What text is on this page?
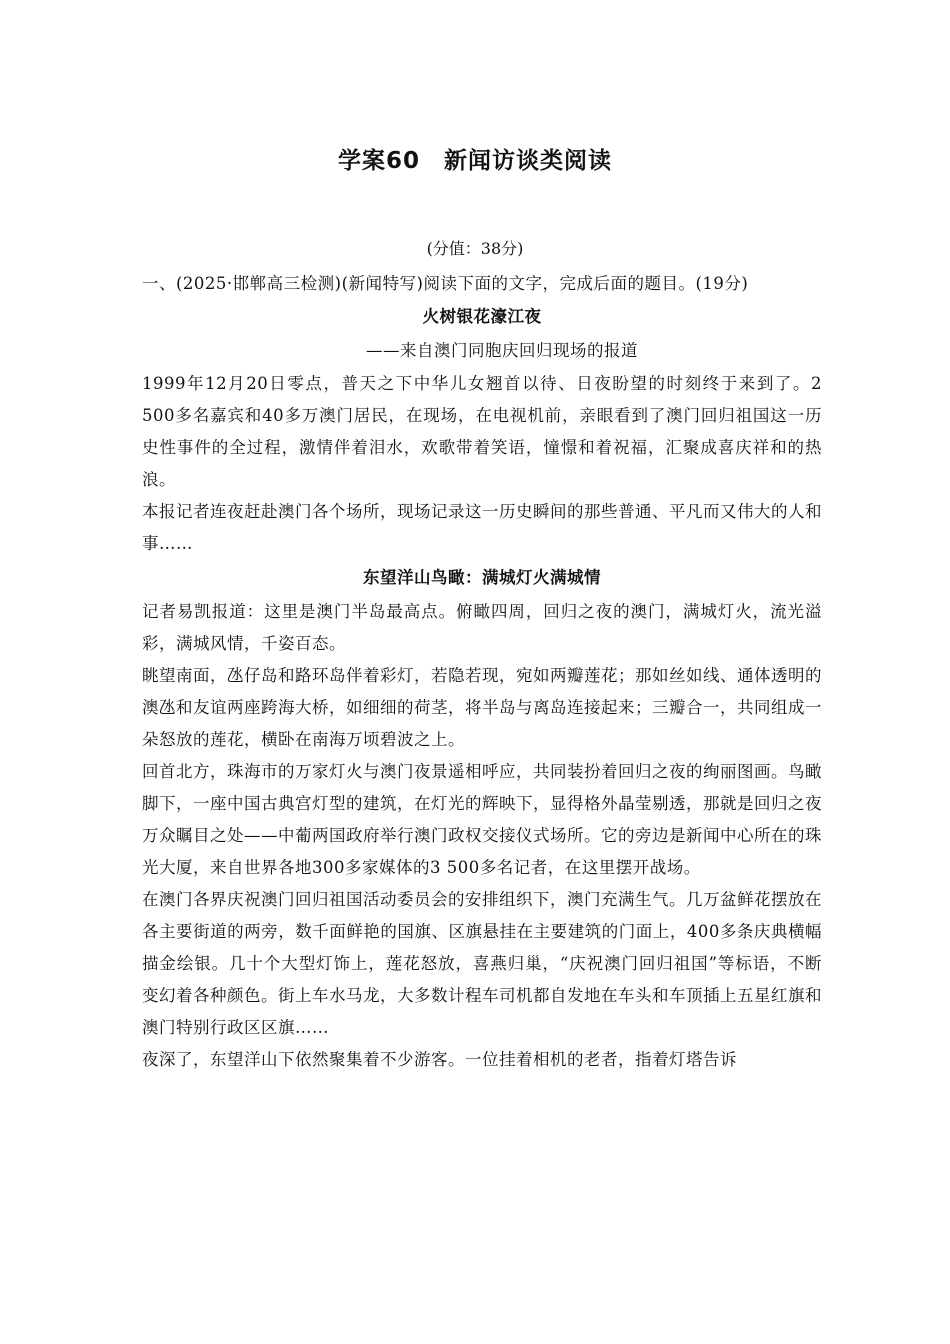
学案60　新闻访谈类阅读
(分值：38分)

一、(2025·邯郸高三检测)(新闻特写)阅读下面的文字，完成后面的题目。(19分)

火树银花濠江夜
——来自澳门同胞庆回归现场的报道

1999年12月20日零点，普天之下中华儿女翘首以待、日夜盼望的时刻终于来到了。2 500多名嘉宾和40多万澳门居民，在现场，在电视机前，亲眼看到了澳门回归祖国这一历史性事件的全过程，激情伴着泪水，欢歌带着笑语，憧憬和着祝福，汇聚成喜庆祥和的热浪。

本报记者连夜赶赴澳门各个场所，现场记录这一历史瞬间的那些普通、平凡而又伟大的人和事……

东望洋山鸟瞰：满城灯火满城情

记者易凯报道：这里是澳门半岛最高点。俯瞰四周，回归之夜的澳门，满城灯火，流光溢彩，满城风情，千姿百态。

眺望南面，氹仔岛和路环岛伴着彩灯，若隐若现，宛如两瓣莲花；那如丝如线、通体透明的澳氹和友谊两座跨海大桥，如细细的荷茎，将半岛与离岛连接起来；三瓣合一，共同组成一朵怒放的莲花，横卧在南海万顷碧波之上。

回首北方，珠海市的万家灯火与澳门夜景遥相呼应，共同装扮着回归之夜的绚丽图画。鸟瞰脚下，一座中国古典宫灯型的建筑，在灯光的辉映下，显得格外晶莹剔透，那就是回归之夜万众瞩目之处——中葡两国政府举行澳门政权交接仪式场所。它的旁边是新闻中心所在的珠光大厦，来自世界各地300多家媒体的3 500多名记者，在这里摆开战场。

在澳门各界庆祝澳门回归祖国活动委员会的安排组织下，澳门充满生气。几万盆鲜花摆放在各主要街道的两旁，数千面鲜艳的国旗、区旗悬挂在主要建筑的门面上，400多条庆典横幅描金绘银。几十个大型灯饰上，莲花怒放，喜燕归巢，“庆祝澳门回归祖国”等标语，不断变幻着各种颜色。街上车水马龙，大多数计程车司机都自发地在车头和车顶插上五星红旗和澳门特别行政区区旗……

夜深了，东望洋山下依然聚集着不少游客。一位挂着相机的老者，指着灯塔告诉
